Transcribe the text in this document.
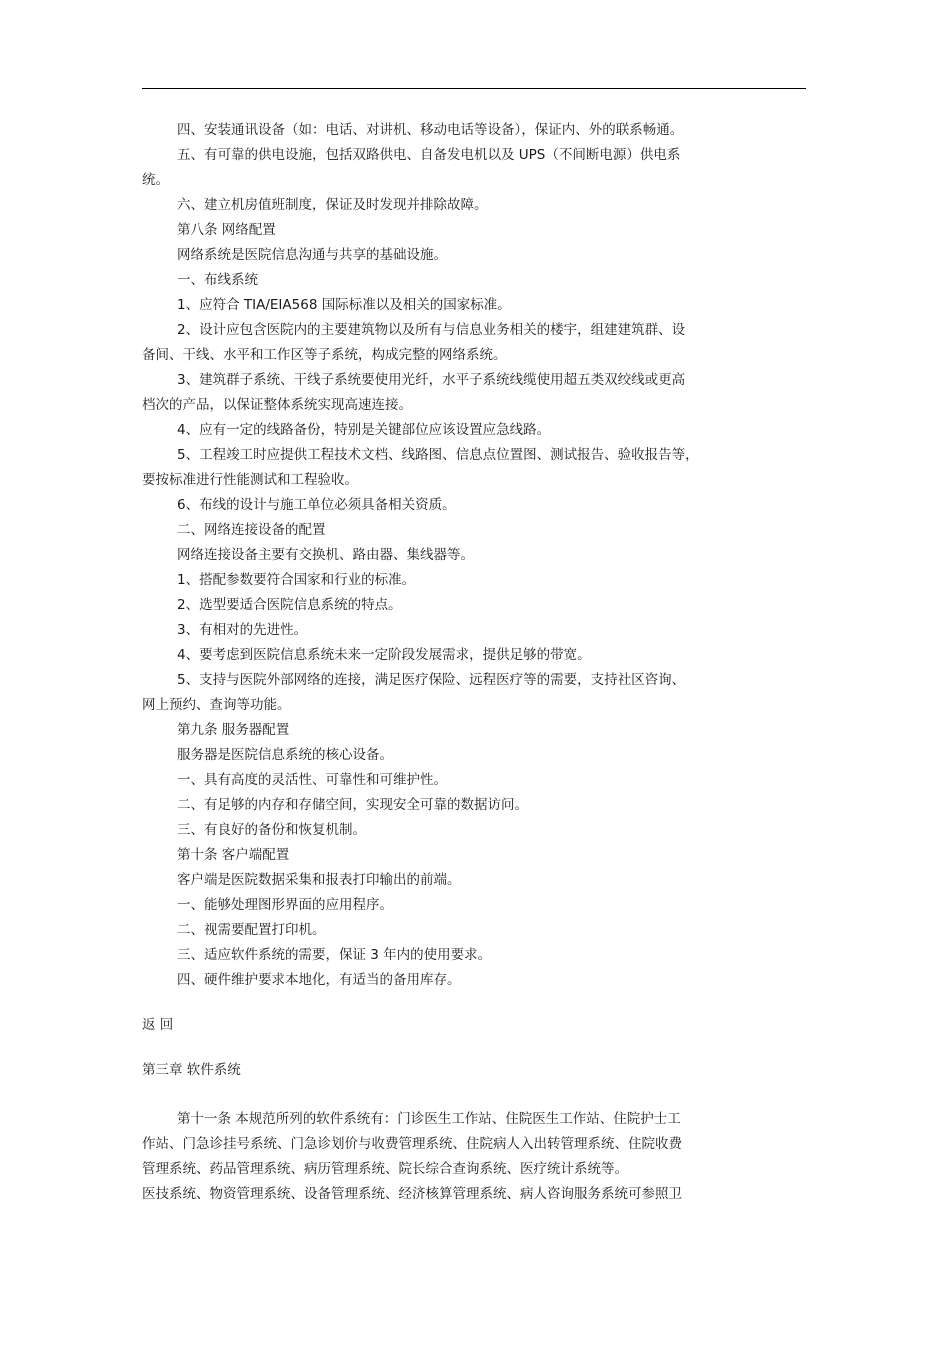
四、安装通讯设备（如：电话、对讲机、移动电话等设备），保证内、外的联系畅通。
五、有可靠的供电设施，包括双路供电、自备发电机以及 UPS（不间断电源）供电系
统。
六、建立机房值班制度，保证及时发现并排除故障。
第八条 网络配置
网络系统是医院信息沟通与共享的基础设施。
一、布线系统
1、应符合 TIA/EIA568 国际标准以及相关的国家标准。
2、设计应包含医院内的主要建筑物以及所有与信息业务相关的楼宇，组建建筑群、设
备间、干线、水平和工作区等子系统，构成完整的网络系统。
3、建筑群子系统、干线子系统要使用光纤，水平子系统线缆使用超五类双绞线或更高
档次的产品，以保证整体系统实现高速连接。
4、应有一定的线路备份，特别是关键部位应该设置应急线路。
5、工程竣工时应提供工程技术文档、线路图、信息点位置图、测试报告、验收报告等，
要按标准进行性能测试和工程验收。
6、布线的设计与施工单位必须具备相关资质。
二、网络连接设备的配置
网络连接设备主要有交换机、路由器、集线器等。
1、搭配参数要符合国家和行业的标准。
2、选型要适合医院信息系统的特点。
3、有相对的先进性。
4、要考虑到医院信息系统未来一定阶段发展需求，提供足够的带宽。
5、支持与医院外部网络的连接，满足医疗保险、远程医疗等的需要，支持社区咨询、
网上预约、查询等功能。
第九条 服务器配置
服务器是医院信息系统的核心设备。
一、具有高度的灵活性、可靠性和可维护性。
二、有足够的内存和存储空间，实现安全可靠的数据访问。
三、有良好的备份和恢复机制。
第十条 客户端配置
客户端是医院数据采集和报表打印输出的前端。
一、能够处理图形界面的应用程序。
二、视需要配置打印机。
三、适应软件系统的需要，保证 3 年内的使用要求。
四、硬件维护要求本地化，有适当的备用库存。
返 回
第三章 软件系统
第十一条 本规范所列的软件系统有：门诊医生工作站、住院医生工作站、住院护士工
作站、门急诊挂号系统、门急诊划价与收费管理系统、住院病人入出转管理系统、住院收费
管理系统、药品管理系统、病历管理系统、院长综合查询系统、医疗统计系统等。
医技系统、物资管理系统、设备管理系统、经济核算管理系统、病人咨询服务系统可参照卫
